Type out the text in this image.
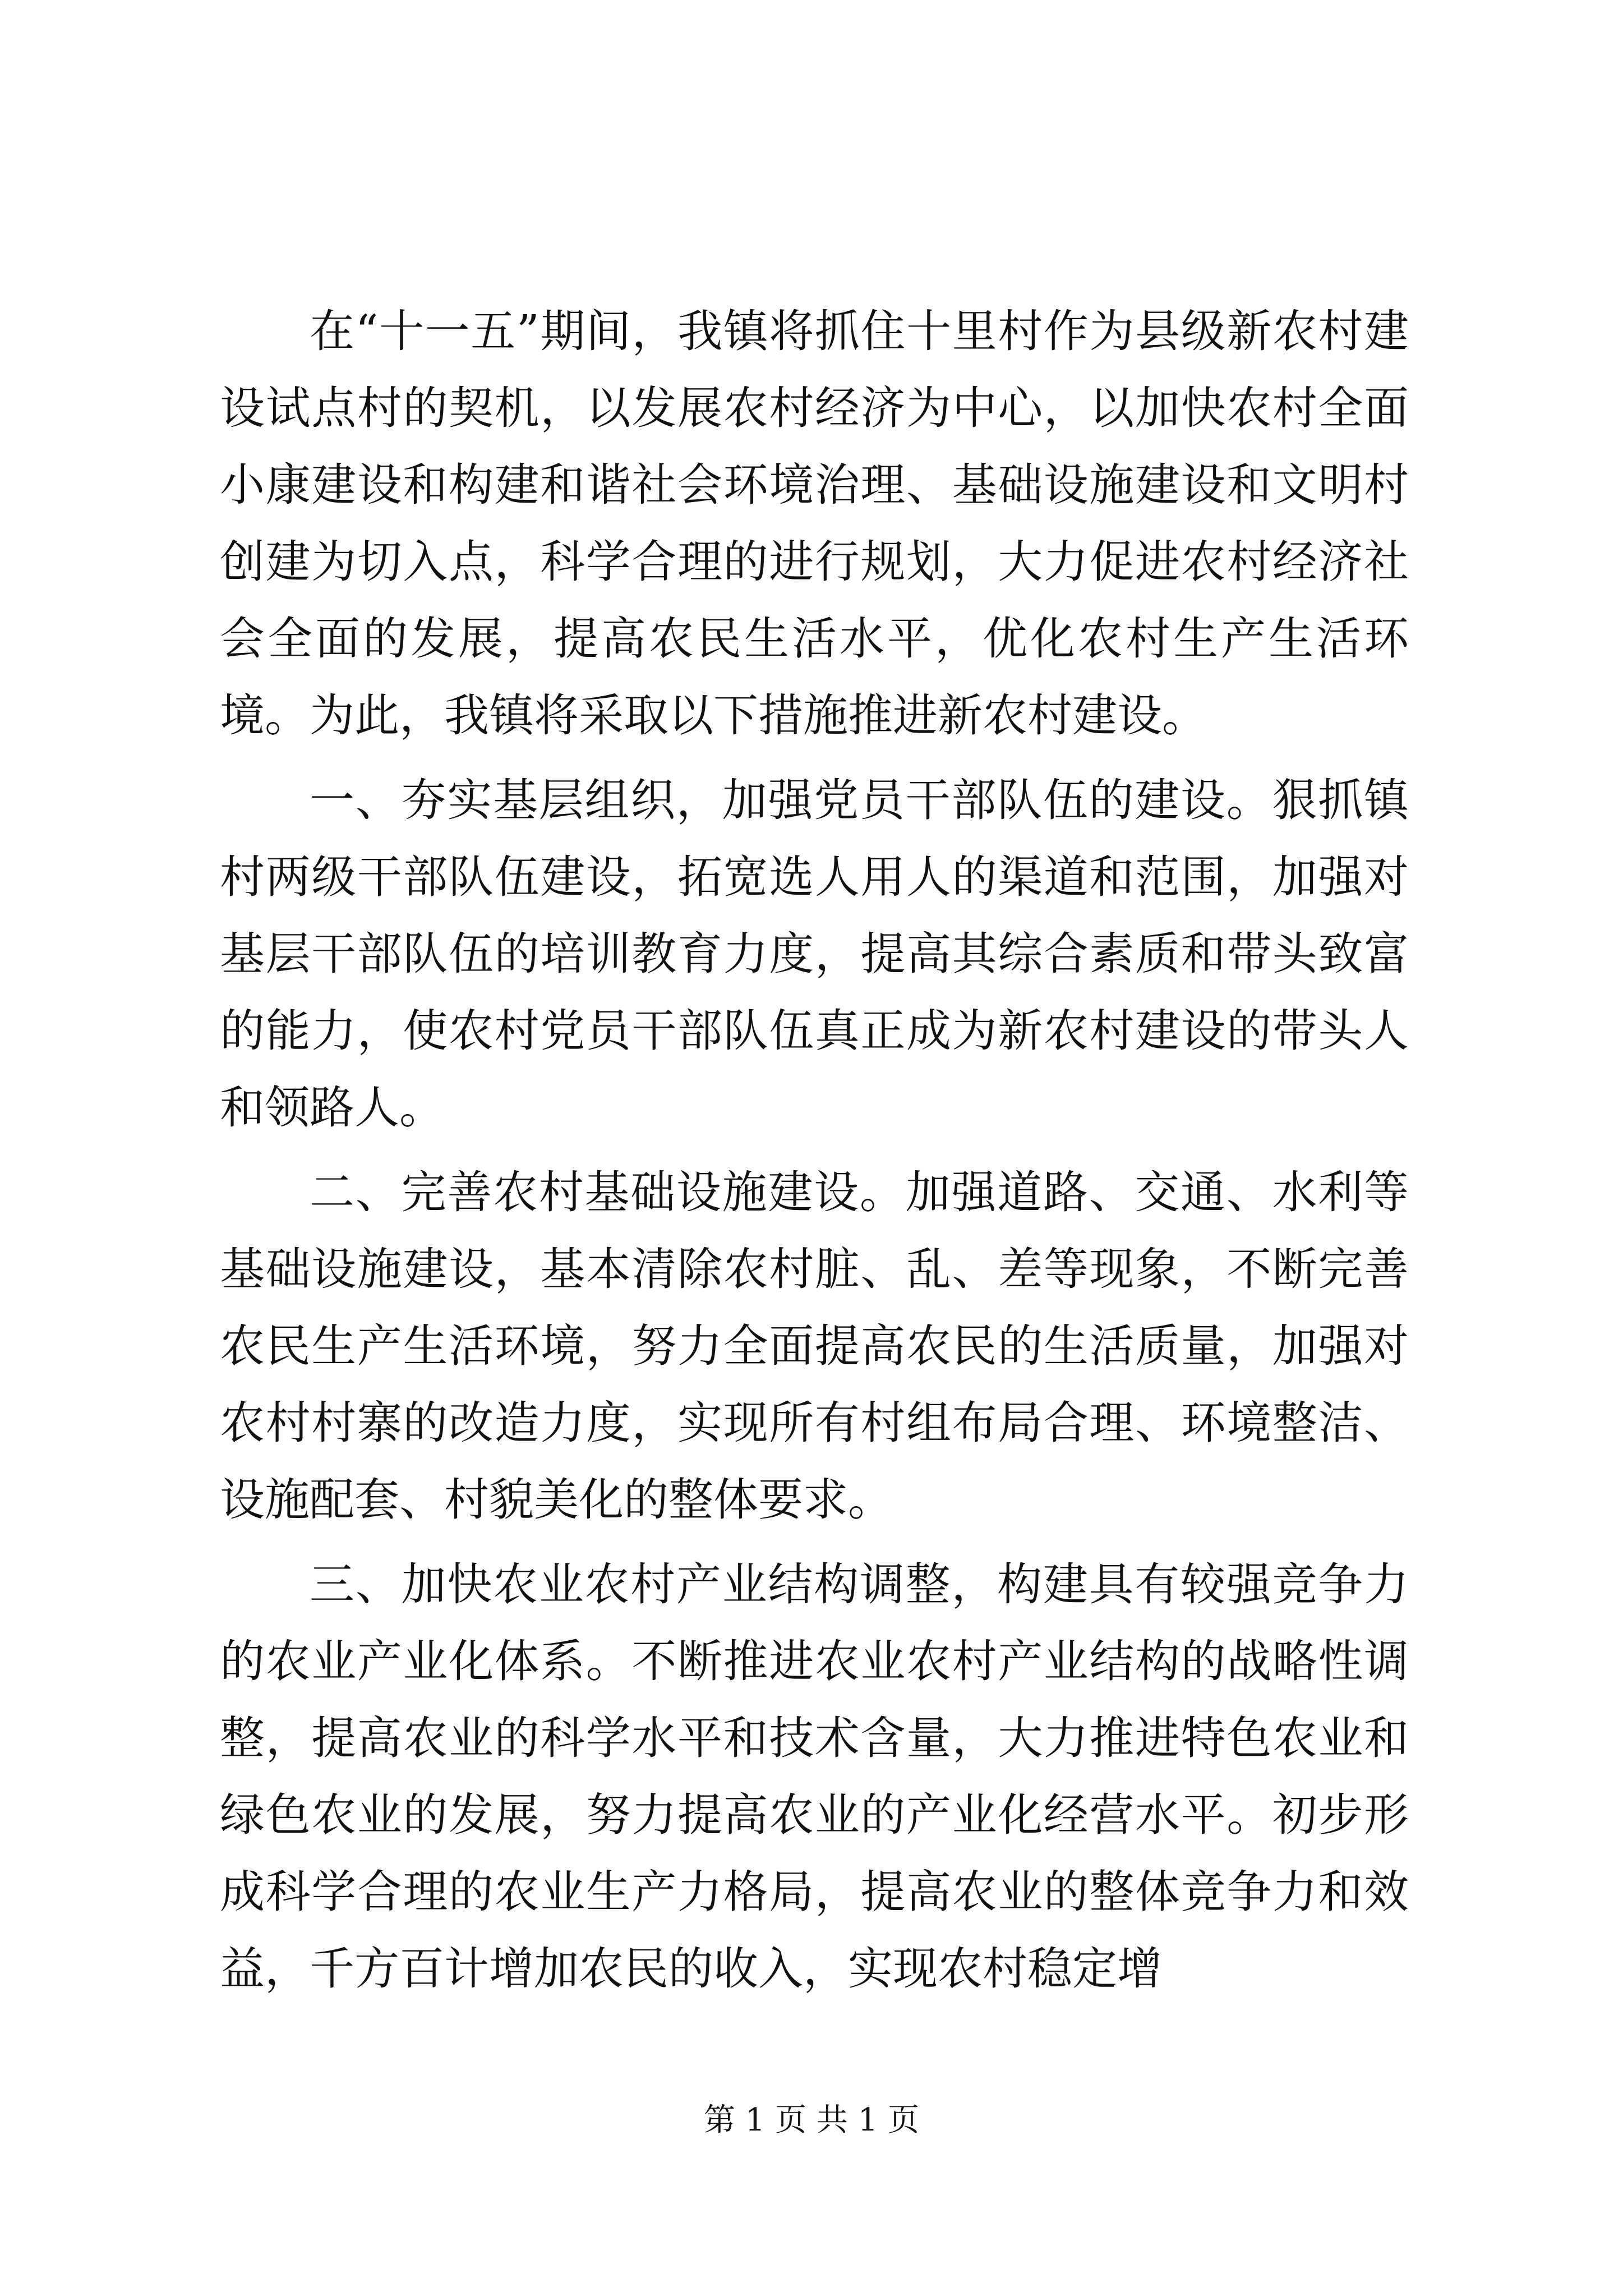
在“十一五”期间，我镇将抓住十里村作为县级新农村建设试点村的契机，以发展农村经济为中心，以加快农村全面小康建设和构建和谐社会环境治理、基础设施建设和文明村创建为切入点，科学合理的进行规划，大力促进农村经济社会全面的发展，提高农民生活水平，优化农村生产生活环境。为此，我镇将采取以下措施推进新农村建设。

一、夯实基层组织，加强党员干部队伍的建设。狠抓镇村两级干部队伍建设，拓宽选人用人的渠道和范围，加强对基层干部队伍的培训教育力度，提高其综合素质和带头致富的能力，使农村党员干部队伍真正成为新农村建设的带头人和领路人。

二、完善农村基础设施建设。加强道路、交通、水利等基础设施建设，基本清除农村脏、乱、差等现象，不断完善农民生产生活环境，努力全面提高农民的生活质量，加强对农村村寨的改造力度，实现所有村组布局合理、环境整洁、设施配套、村貌美化的整体要求。

三、加快农业农村产业结构调整，构建具有较强竞争力的农业产业化体系。不断推进农业农村产业结构的战略性调整，提高农业的科学水平和技术含量，大力推进特色农业和绿色农业的发展，努力提高农业的产业化经营水平。初步形成科学合理的农业生产力格局，提高农业的整体竞争力和效益，千方百计增加农民的收入，实现农村稳定增

第 1 页 共 1 页
